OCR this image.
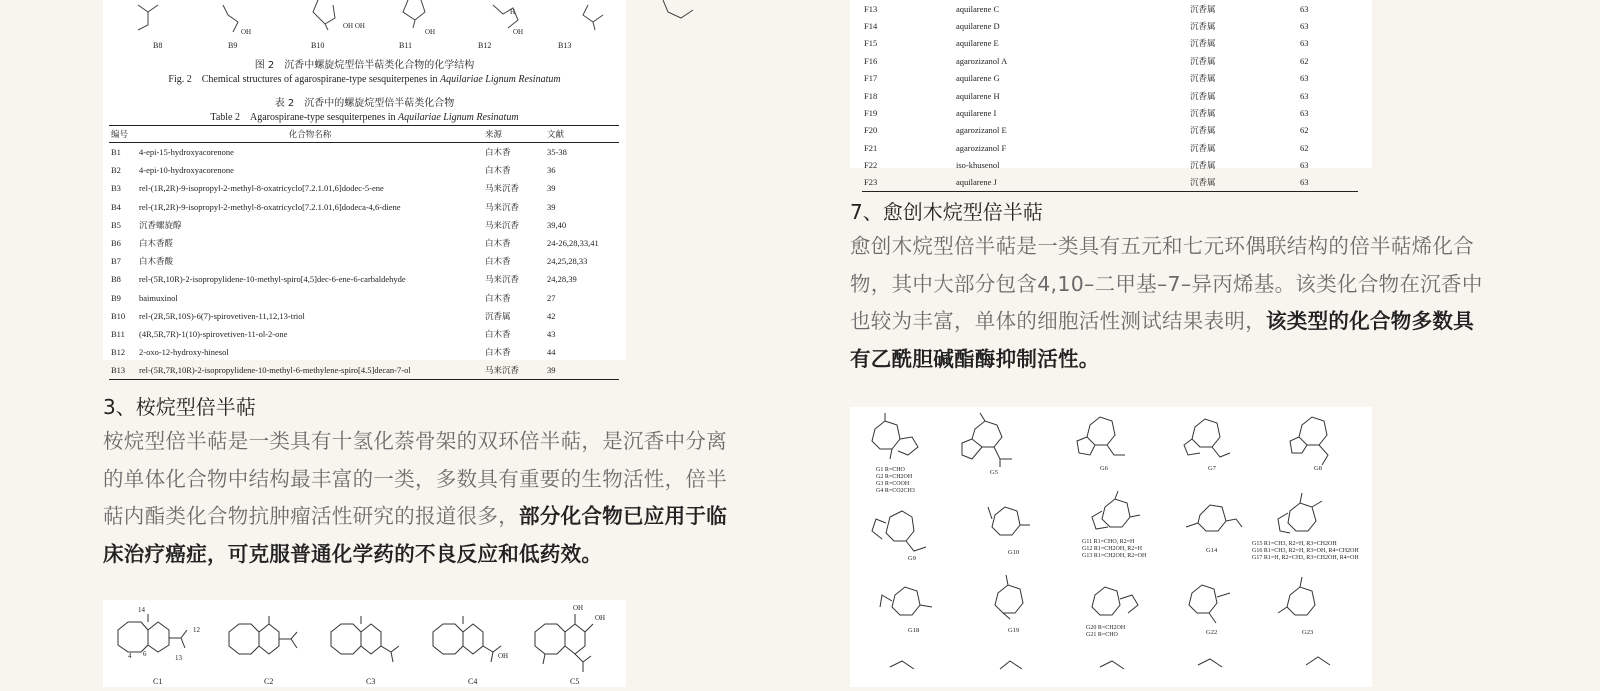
B8	B9	B10	B11	B12	B13
OH
OH OH
OH
H
OH
图 2　沉香中螺旋烷型倍半萜类化合物的化学结构
Fig. 2　Chemical structures of agarospirane-type sesquiterpenes in Aquilariae Lignum Resinatum
表 2　沉香中的螺旋烷型倍半萜类化合物
Table 2　Agarospirane-type sesquiterpenes in Aquilariae Lignum Resinatum
编号	化合物名称	来源	文献
B1	4-epi-15-hydroxyacorenone	白木香	35-38
B2	4-epi-10-hydroxyacorenone	白木香	36
B3	rel-(1R,2R)-9-isopropyl-2-methyl-8-oxatricyclo[7.2.1.01,6]dodec-5-ene	马来沉香	39
B4	rel-(1R,2R)-9-isopropyl-2-methyl-8-oxatricyclo[7.2.1.01,6]dodeca-4,6-diene	马来沉香	39
B5	沉香螺旋醇	马来沉香	39,40
B6	白木香醛	白木香	24-26,28,33,41
B7	白木香酸	白木香	24,25,28,33
B8	rel-(5R,10R)-2-isopropylidene-10-methyl-spiro[4,5]dec-6-ene-6-carbaldehyde	马来沉香	24,28,39
B9	baimuxinol	白木香	27
B10	rel-(2R,5R,10S)-6(7)-spirovetiven-11,12,13-triol	沉香属	42
B11	(4R,5R,7R)-1(10)-spirovetiven-11-ol-2-one	白木香	43
B12	2-oxo-12-hydroxy-hinesol	白木香	44
B13	rel-(5R,7R,10R)-2-isopropylidene-10-methyl-6-methylene-spiro[4.5]decan-7-ol	马来沉香	39
3、桉烷型倍半萜

桉烷型倍半萜是一类具有十氢化萘骨架的双环倍半萜，是沉香中分离
的单体化合物中结构最丰富的一类，多数具有重要的生物活性，倍半
萜内酯类化合物抗肿瘤活性研究的报道很多，部分化合物已应用于临
床治疗癌症，可克服普通化学药的不良反应和低药效。

14
12
13
6
4	OH
OH
OH
C1	C2	C3	C4	C5
F13	aquilarene C	沉香属	63
F14	aquilarene D	沉香属	63
F15	aquilarene E	沉香属	63
F16	agarozizanol A	沉香属	62
F17	aquilarene G	沉香属	63
F18	aquilarene H	沉香属	63
F19	aquilarene I	沉香属	63
F20	agarozizanol E	沉香属	62
F21	agarozizanol F	沉香属	62
F22	iso-khusenol	沉香属	63
F23	aquilarene J	沉香属	63
7、愈创木烷型倍半萜

愈创木烷型倍半萜是一类具有五元和七元环偶联结构的倍半萜烯化合
物，其中大部分包含4,10–二甲基–7–异丙烯基。该类化合物在沉香中
也较为丰富，单体的细胞活性测试结果表明，该类型的化合物多数具
有乙酰胆碱酯酶抑制活性。

G1 R=CHO
G2 R=CH2OH
G3 R=COOH
G4 R=CO2CH3
G5
G6	G7	G8
G9
G10
G11 R1=CHO, R2=H
G12 R1=CH2OH, R2=H
G13 R1=CH2OH, R2=OH
G14
G15 R1=CH3, R2=H, R3=CH2OH
G16 R1=CH3, R2=H, R3=OH, R4=CH2OH
G17 R1=H, R2=CH3, R3=CH2OH, R4=OH
G18	G19	G20 R=CH2OH
G21 R=CHO	G22	G23
